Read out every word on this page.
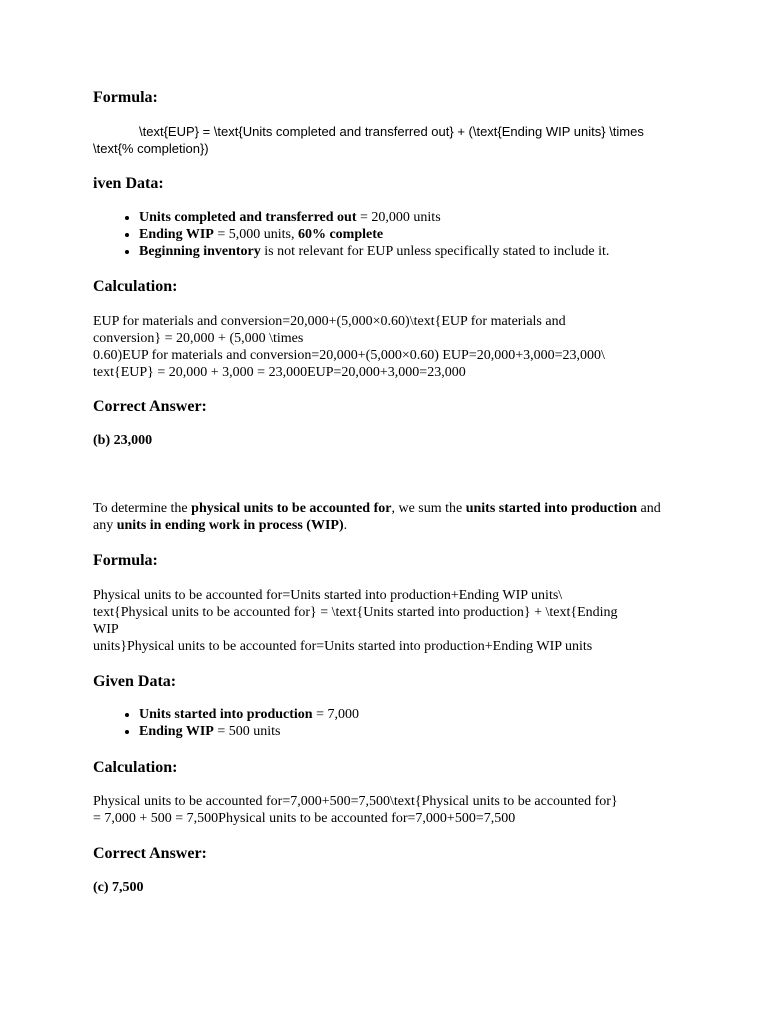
Formula:

\text{EUP} = \text{Units completed and transferred out} + (\text{Ending WIP units} \times \text{% completion})

iven Data:
• Units completed and transferred out = 20,000 units
• Ending WIP = 5,000 units, 60% complete
• Beginning inventory is not relevant for EUP unless specifically stated to include it.
Calculation:

EUP for materials and conversion=20,000+(5,000×0.60)\text{EUP for materials and

conversion} = 20,000 + (5,000 \times

0.60)EUP for materials and conversion=20,000+(5,000×0.60) EUP=20,000+3,000=23,000\

text{EUP} = 20,000 + 3,000 = 23,000EUP=20,000+3,000=23,000

Correct Answer:

(b) 23,000

To determine the physical units to be accounted for, we sum the units started into production and any units in ending work in process (WIP).

Formula:

Physical units to be accounted for=Units started into production+Ending WIP units\

text{Physical units to be accounted for} = \text{Units started into production} + \text{Ending

WIP

units}Physical units to be accounted for=Units started into production+Ending WIP units

Given Data:
• Units started into production = 7,000
• Ending WIP = 500 units
Calculation:

Physical units to be accounted for=7,000+500=7,500\text{Physical units to be accounted for}

= 7,000 + 500 = 7,500Physical units to be accounted for=7,000+500=7,500

Correct Answer:

(c) 7,500
